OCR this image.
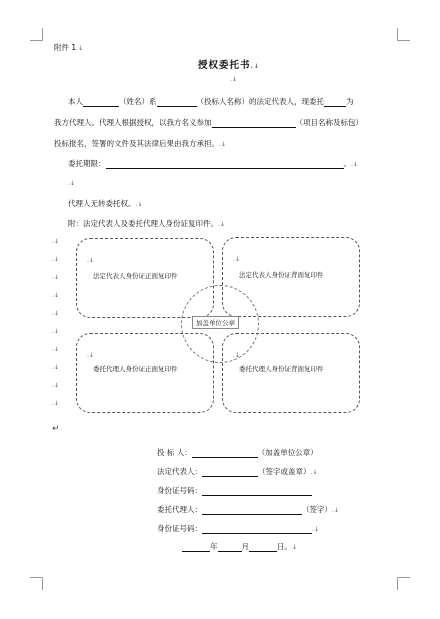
附件 1.↓
授权委托书.↓
.↓
本人	（姓名）系	（投标人名称）的法定代表人，现委托	为
我方代理人。代理人根据授权，以我方名义参加	（项目名称及标包）
投标报名，签署的文件及其法律后果由我方承担。.↓
委托期限：	。.↓
.↓
代理人无转委托权。.↓
附：法定代表人及委托代理人身份证复印件。.↓
.↓
.↓
.↓
.↓
.↓
.↓
.↓
.↓
.↓
.↓
↵
.↓
法定代表人身份证正面复印件
.↓
法定代表人身份证背面复印件
.↓
委托代理人身份证正面复印件
.↓
委托代理人身份证背面复印件
加盖单位公章
投 标 人：	（加盖单位公章）
法定代表人：	（签字或盖章）.↓
身份证号码：
委托代理人：	（签字）.↓
身份证号码：	.↓
年	月	日。↓
